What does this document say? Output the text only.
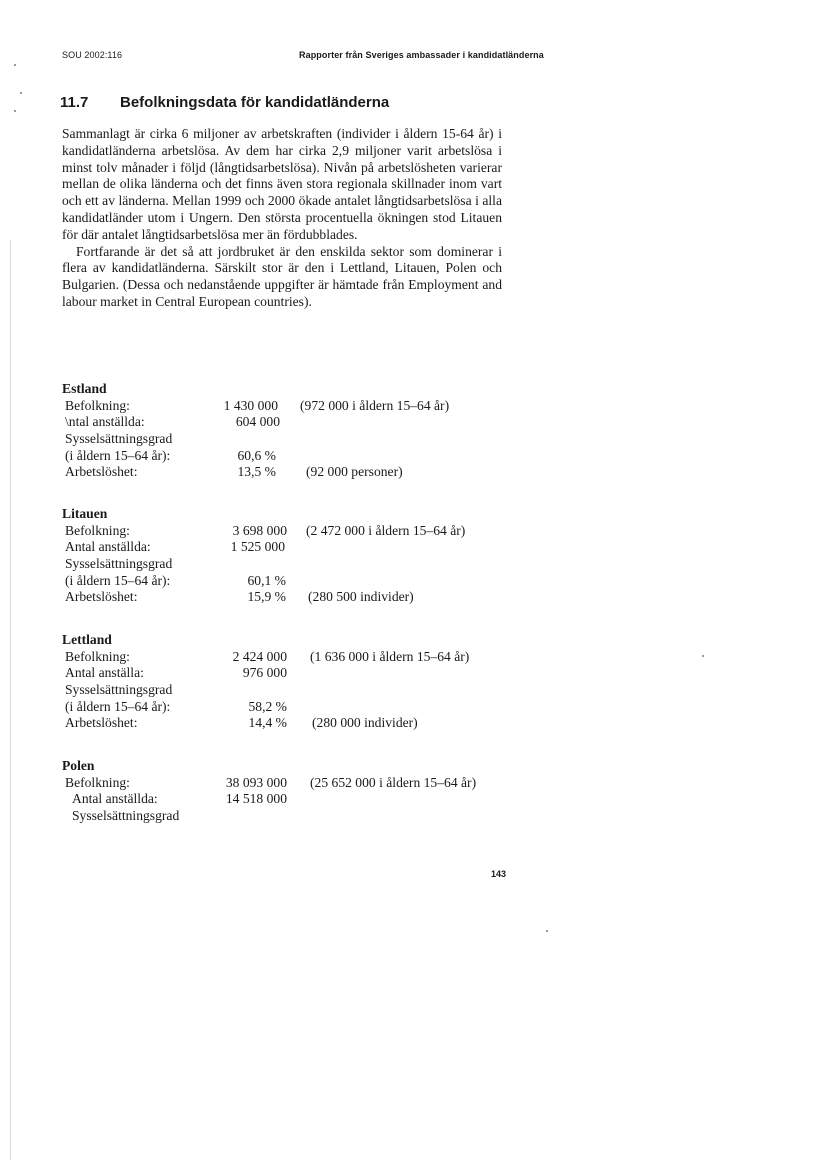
SOU 2002:116	Rapporter från Sveriges ambassader i kandidatländerna
11.7 Befolkningsdata för kandidatländerna

Sammanlagt är cirka 6 miljoner av arbetskraften (individer i åldern 15-64 år) i kandidatländerna arbetslösa. Av dem har cirka 2,9 miljoner varit arbetslösa i minst tolv månader i följd (långtidsarbetslösa). Nivån på arbetslösheten varierar mellan de olika länderna och det finns även stora regionala skillnader inom vart och ett av länderna. Mellan 1999 och 2000 ökade antalet långtidsarbetslösa i alla kandidatländer utom i Ungern. Den största procentuella ökningen stod Litauen för där antalet långtidsarbetslösa mer än fördubblades.

Fortfarande är det så att jordbruket är den enskilda sektor som dominerar i flera av kandidatländerna. Särskilt stor är den i Lettland, Litauen, Polen och Bulgarien. (Dessa och nedanstående uppgifter är hämtade från Employment and labour market in Central European countries).

Estland
Befolkning:	1 430 000 (972 000 i åldern 15–64 år)
\ntal anställda:	604 000
Sysselsättningsgrad
(i åldern 15–64 år):	60,6 %
Arbetslöshet:	13,5 % (92 000 personer)
Litauen
Befolkning:	3 698 000 (2 472 000 i åldern 15–64 år)
Antal anställda:	1 525 000
Sysselsättningsgrad
(i åldern 15–64 år):	60,1 %
Arbetslöshet:	15,9 % (280 500 individer)
Lettland
Befolkning:	2 424 000 (1 636 000 i åldern 15–64 år)
Antal anställa:	976 000
Sysselsättningsgrad
(i åldern 15–64 år):	58,2 %
Arbetslöshet:	14,4 % (280 000 individer)
Polen
Befolkning:	38 093 000 (25 652 000 i åldern 15–64 år)
Antal anställda:	14 518 000
Sysselsättningsgrad
143
